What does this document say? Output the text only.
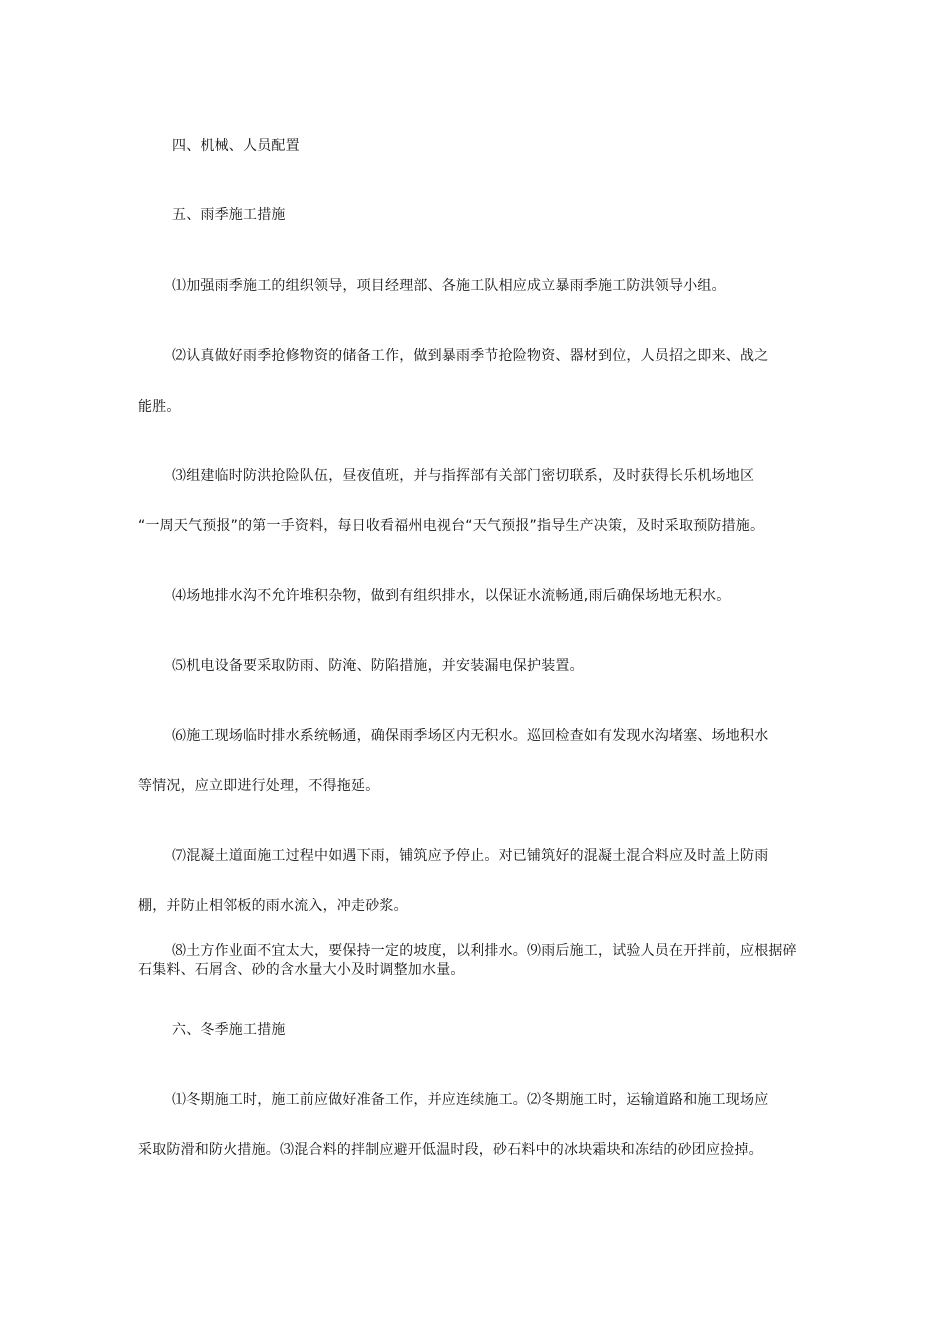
四、机械、人员配置
五、雨季施工措施
⑴加强雨季施工的组织领导，项目经理部、各施工队相应成立暴雨季施工防洪领导小组。
⑵认真做好雨季抢修物资的储备工作，做到暴雨季节抢险物资、器材到位，人员招之即来、战之
能胜。
⑶组建临时防洪抢险队伍，昼夜值班，并与指挥部有关部门密切联系，及时获得长乐机场地区
“一周天气预报”的第一手资料，每日收看福州电视台“天气预报”指导生产决策，及时采取预防措施。
⑷场地排水沟不允许堆积杂物，做到有组织排水，以保证水流畅通,雨后确保场地无积水。
⑸机电设备要采取防雨、防淹、防陷措施，并安装漏电保护装置。
⑹施工现场临时排水系统畅通，确保雨季场区内无积水。巡回检查如有发现水沟堵塞、场地积水
等情况，应立即进行处理，不得拖延。
⑺混凝土道面施工过程中如遇下雨，铺筑应予停止。对已铺筑好的混凝土混合料应及时盖上防雨
棚，并防止相邻板的雨水流入，冲走砂浆。
⑻土方作业面不宜太大，要保持一定的坡度，以利排水。⑼雨后施工，试验人员在开拌前，应根据碎石集料、石屑含、砂的含水量大小及时调整加水量。
六、冬季施工措施
⑴冬期施工时，施工前应做好准备工作，并应连续施工。⑵冬期施工时，运输道路和施工现场应
采取防滑和防火措施。⑶混合料的拌制应避开低温时段，砂石料中的冰块霜块和冻结的砂团应捡掉。
